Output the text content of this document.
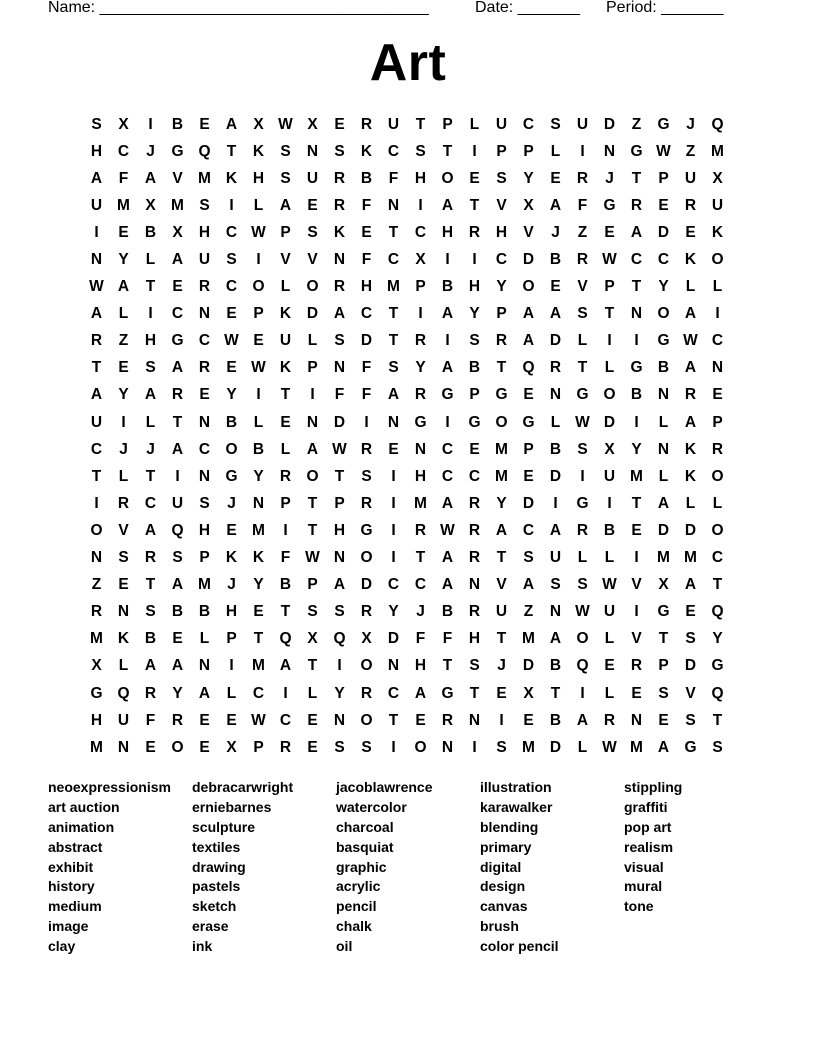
Name: _____________________________________	Date: _______ Period: _______
Art
S	X	I	B	E	A	X W X	E	R	U	T	P	L	U	C	S	U	D	Z	G	J	Q
H	C	J	G Q	T	K	S	N	S	K	C	S	T	I	P	P	L	I	N G W Z	M
A	F	A	V M K	H	S	U	R	B	F	H O	E	S	Y	E	R	J	T	P	U	X
U M X M S	I	L	A	E	R	F	N	I	A	T	V	X	A	F	G R	E	R	U
I	E	B	X	H	C W P	S	K	E	T	C	H	R	H	V	J	Z	E	A	D	E	K
N	Y	L	A	U	S	I	V	V	N	F	C	X	I	I	C	D	B	R W C	C	K O
W A	T	E	R	C O	L	O R	H M P	B	H	Y	O	E	V	P	T	Y	L	L
A	L	I	C	N	E	P	K	D	A	C	T	I	A	Y	P	A	A	S	T	N O A	I
R	Z	H G C W E	U	L	S	D	T	R	I	S	R	A	D	L	I	I	G W C
T	E	S	A	R	E W K	P	N	F	S	Y	A	B	T	Q R	T	L	G B	A	N
A	Y	A	R	E	Y	I	T	I	F	F	A	R G	P	G	E	N G O B	N	R	E
U	I	L	T	N	B	L	E	N	D	I	N G	I	G O G	L W D	I	L	A	P
C	J	J	A	C O B	L	A W R	E	N	C	E M P	B	S	X	Y	N	K	R
T	L	T	I	N G	Y	R O	T	S	I	H	C	C M E	D	I	U M	L	K O
I	R	C	U	S	J	N	P	T	P	R	I	M A	R	Y	D	I	G	I	T	A	L	L
O	V	A Q H	E M	I	T	H G	I	R W R	A	C	A	R	B	E	D	D O
N	S	R	S	P	K	K	F W N O	I	T	A	R	T	S	U	L	L	I	M M C
Z	E	T	A M	J	Y	B	P	A	D	C	C	A	N	V	A	S	S W V	X	A	T
R	N	S	B	B	H	E	T	S	S	R	Y	J	B	R	U	Z	N W U	I	G	E	Q
M K	B	E	L	P	T	Q	X	Q	X	D	F	F	H	T	M A O	L	V	T	S	Y
X	L	A	A	N	I	M A	T	I	O N	H	T	S	J	D	B Q	E	R	P	D G
G Q R	Y	A	L	C	I	L	Y	R	C	A G	T	E	X	T	I	L	E	S	V	Q
H	U	F	R	E	E W C	E	N O	T	E	R	N	I	E	B	A	R	N	E	S	T
M N	E	O	E	X	P	R	E	S	S	I	O N	I	S M D	L W M A G	S
neoexpressionism
art auction
animation
abstract
exhibit
history
medium
image
clay
debracarwright
erniebarnes
sculpture
textiles
drawing
pastels
sketch
erase
ink
jacoblawrence
watercolor
charcoal
basquiat
graphic
acrylic
pencil
chalk
oil
illustration
karawalker
blending
primary
digital
design
canvas
brush
color pencil
stippling
graffiti
pop art
realism
visual
mural
tone
